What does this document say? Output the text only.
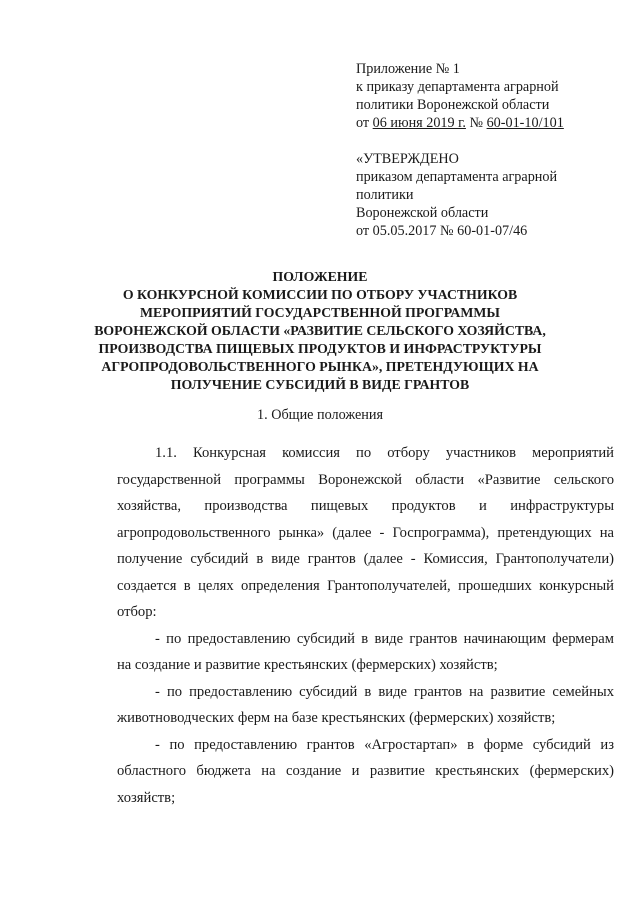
Приложение № 1
к приказу департамента аграрной
политики Воронежской области
от 06 июня 2019 г. № 60-01-10/101
«УТВЕРЖДЕНО
приказом департамента аграрной
политики
Воронежской области
от 05.05.2017 № 60-01-07/46
ПОЛОЖЕНИЕ
О КОНКУРСНОЙ КОМИССИИ ПО ОТБОРУ УЧАСТНИКОВ
МЕРОПРИЯТИЙ ГОСУДАРСТВЕННОЙ ПРОГРАММЫ
ВОРОНЕЖСКОЙ ОБЛАСТИ «РАЗВИТИЕ СЕЛЬСКОГО ХОЗЯЙСТВА,
ПРОИЗВОДСТВА ПИЩЕВЫХ ПРОДУКТОВ И ИНФРАСТРУКТУРЫ
АГРОПРОДОВОЛЬСТВЕННОГО РЫНКА», ПРЕТЕНДУЮЩИХ НА
ПОЛУЧЕНИЕ СУБСИДИЙ В ВИДЕ ГРАНТОВ
1. Общие положения
1.1. Конкурсная комиссия по отбору участников мероприятий
государственной программы Воронежской области «Развитие сельского
хозяйства, производства пищевых продуктов и инфраструктуры
агропродовольственного рынка» (далее - Госпрограмма), претендующих на
получение субсидий в виде грантов (далее - Комиссия, Грантополучатели)
создается в целях определения Грантополучателей, прошедших конкурсный
отбор:
- по предоставлению субсидий в виде грантов начинающим фермерам
на создание и развитие крестьянских (фермерских) хозяйств;
- по предоставлению субсидий в виде грантов на развитие семейных
животноводческих ферм на базе крестьянских (фермерских) хозяйств;
- по предоставлению грантов «Агростартап» в форме субсидий из
областного бюджета на создание и развитие крестьянских (фермерских)
хозяйств;
